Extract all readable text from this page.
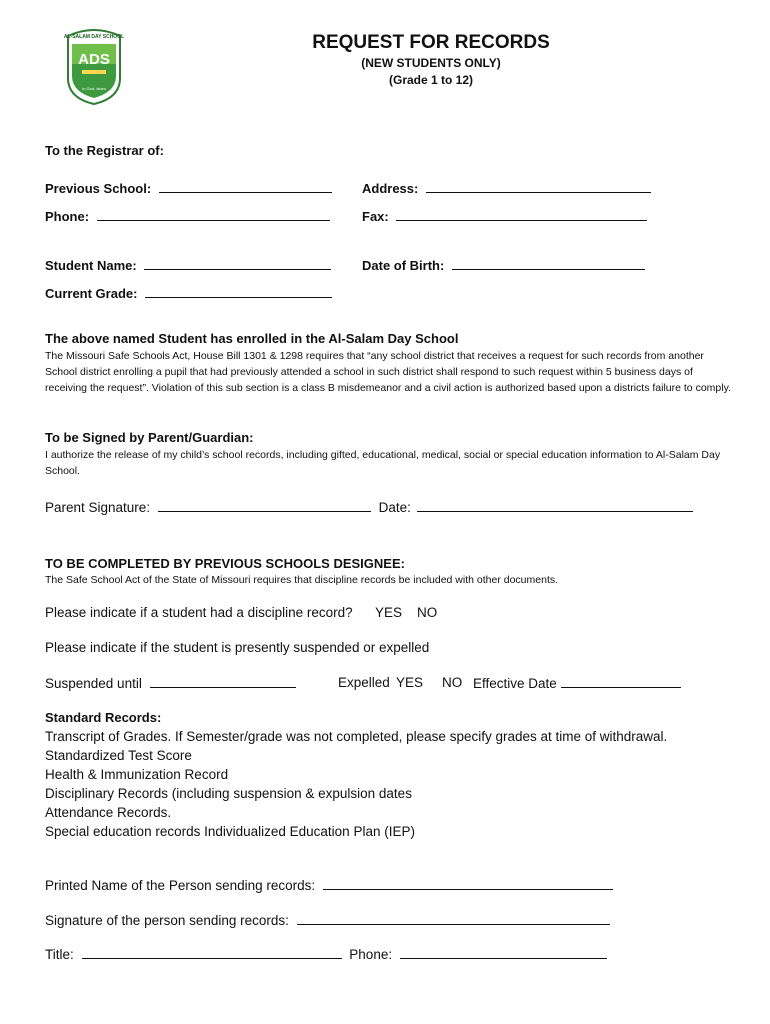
AL-SALAM DAY SCHOOL
ADS
In God, Islam
REQUEST FOR RECORDS
(NEW STUDENTS ONLY)
(Grade 1 to 12)
To the Registrar of:
Previous School:	Address:
Phone:	Fax:
Student Name:	Date of Birth:
Current Grade:
The above named Student has enrolled in the Al-Salam Day School
The Missouri Safe Schools Act, House Bill 1301 & 1298 requires that “any school district that receives a request for such records from another School district enrolling a pupil that had previously attended a school in such district shall respond to such request within 5 business days of receiving the request”. Violation of this sub section is a class B misdemeanor and a civil action is authorized based upon a districts failure to comply.
To be Signed by Parent/Guardian:
I authorize the release of my child’s school records, including gifted, educational, medical, social or special education information to Al-Salam Day School.
Parent Signature:	Date:
TO BE COMPLETED BY PREVIOUS SCHOOLS DESIGNEE:
The Safe School Act of the State of Missouri requires that discipline records be included with other documents.
Please indicate if a student had a discipline record? YES NO
Please indicate if the student is presently suspended or expelled
Suspended until	Expelled YES NO Effective Date
Standard Records:
Transcript of Grades. If Semester/grade was not completed, please specify grades at time of withdrawal.
Standardized Test Score
Health & Immunization Record
Disciplinary Records (including suspension & expulsion dates
Attendance Records.
Special education records Individualized Education Plan (IEP)
Printed Name of the Person sending records:
Signature of the person sending records:
Title:	Phone:
